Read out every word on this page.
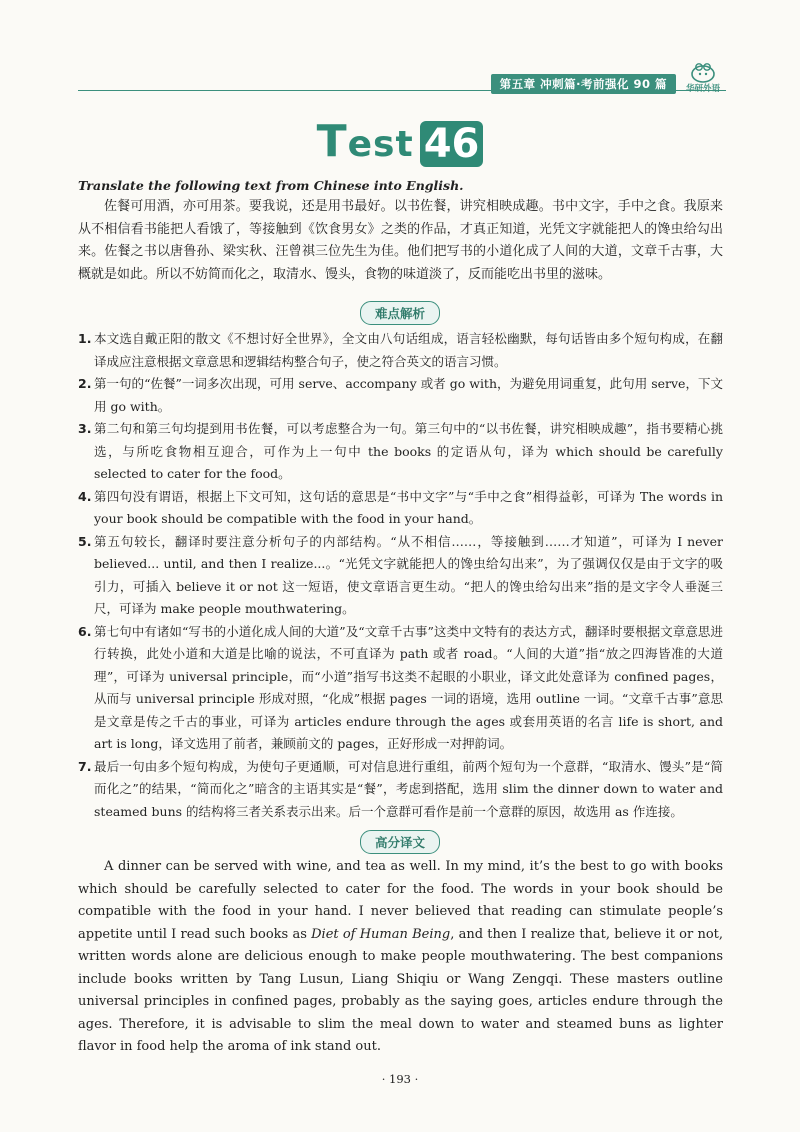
第五章 冲刺篇·考前强化 90 篇	华研外语
Test 46
Translate the following text from Chinese into English.

佐餐可用酒，亦可用茶。要我说，还是用书最好。以书佐餐，讲究相映成趣。书中文字，手中之食。我原来从不相信看书能把人看饿了，等接触到《饮食男女》之类的作品，才真正知道，光凭文字就能把人的馋虫给勾出来。佐餐之书以唐鲁孙、梁实秋、汪曾祺三位先生为佳。他们把写书的小道化成了人间的大道，文章千古事，大概就是如此。所以不妨简而化之，取清水、馒头，食物的味道淡了，反而能吃出书里的滋味。

难点解析
1. 本文选自戴正阳的散文《不想讨好全世界》，全文由八句话组成，语言轻松幽默，每句话皆由多个短句构成，在翻译成应注意根据文章意思和逻辑结构整合句子，使之符合英文的语言习惯。
2. 第一句的“佐餐”一词多次出现，可用 serve、accompany 或者 go with，为避免用词重复，此句用 serve，下文用 go with。
3. 第二句和第三句均提到用书佐餐，可以考虑整合为一句。第三句中的“以书佐餐，讲究相映成趣”，指书要精心挑选，与所吃食物相互迎合，可作为上一句中 the books 的定语从句，译为 which should be carefully selected to cater for the food。
4. 第四句没有谓语，根据上下文可知，这句话的意思是“书中文字”与“手中之食”相得益彰，可译为 The words in your book should be compatible with the food in your hand。
5. 第五句较长，翻译时要注意分析句子的内部结构。“从不相信……，等接触到……才知道”，可译为 I never believed... until, and then I realize...。“光凭文字就能把人的馋虫给勾出来”，为了强调仅仅是由于文字的吸引力，可插入 believe it or not 这一短语，使文章语言更生动。“把人的馋虫给勾出来”指的是文字令人垂涎三尺，可译为 make people mouthwatering。
6. 第七句中有诸如“写书的小道化成人间的大道”及“文章千古事”这类中文特有的表达方式，翻译时要根据文章意思进行转换，此处小道和大道是比喻的说法，不可直译为 path 或者 road。“人间的大道”指“放之四海皆准的大道理”，可译为 universal principle，而“小道”指写书这类不起眼的小职业，译文此处意译为 confined pages，从而与 universal principle 形成对照，“化成”根据 pages 一词的语境，选用 outline 一词。“文章千古事”意思是文章是传之千古的事业，可译为 articles endure through the ages 或套用英语的名言 life is short, and art is long，译文选用了前者，兼顾前文的 pages，正好形成一对押韵词。
7. 最后一句由多个短句构成，为使句子更通顺，可对信息进行重组，前两个短句为一个意群，“取清水、馒头”是“简而化之”的结果，“简而化之”暗含的主语其实是“餐”，考虑到搭配，选用 slim the dinner down to water and steamed buns 的结构将三者关系表示出来。后一个意群可看作是前一个意群的原因，故选用 as 作连接。
高分译文

A dinner can be served with wine, and tea as well. In my mind, it’s the best to go with books which should be carefully selected to cater for the food. The words in your book should be compatible with the food in your hand. I never believed that reading can stimulate people’s appetite until I read such books as Diet of Human Being, and then I realize that, believe it or not, written words alone are delicious enough to make people mouthwatering. The best companions include books written by Tang Lusun, Liang Shiqiu or Wang Zengqi. These masters outline universal principles in confined pages, probably as the saying goes, articles endure through the ages. Therefore, it is advisable to slim the meal down to water and steamed buns as lighter flavor in food help the aroma of ink stand out.

· 193 ·
